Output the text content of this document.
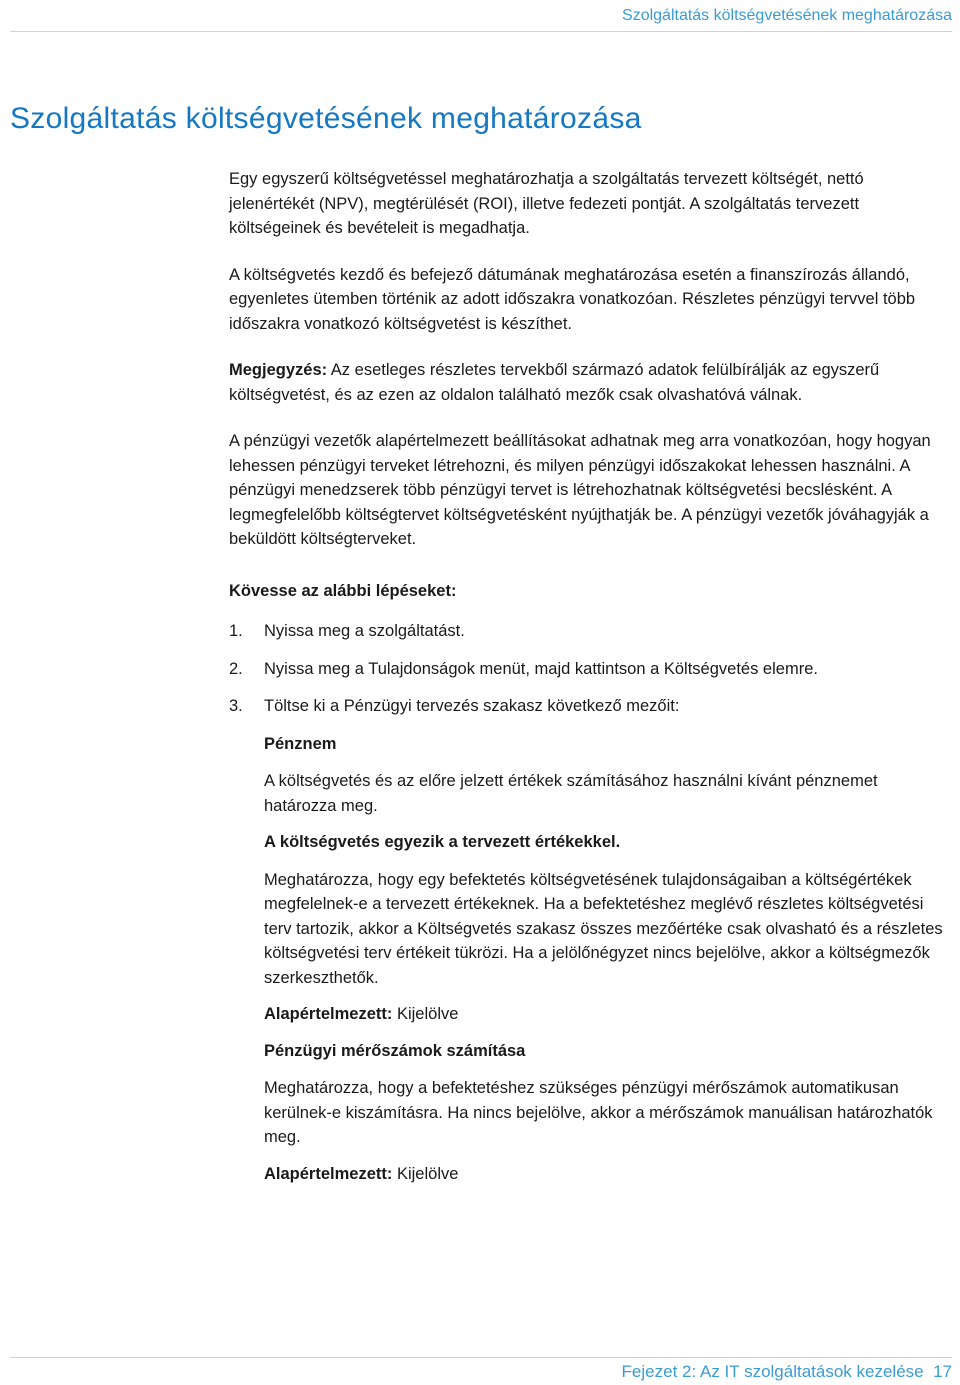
Szolgáltatás költségvetésének meghatározása
Szolgáltatás költségvetésének meghatározása

Egy egyszerű költségvetéssel meghatározhatja a szolgáltatás tervezett költségét, nettó jelenértékét (NPV), megtérülését (ROI), illetve fedezeti pontját. A szolgáltatás tervezett költségeinek és bevételeit is megadhatja.

A költségvetés kezdő és befejező dátumának meghatározása esetén a finanszírozás állandó, egyenletes ütemben történik az adott időszakra vonatkozóan. Részletes pénzügyi tervvel több időszakra vonatkozó költségvetést is készíthet.

Megjegyzés: Az esetleges részletes tervekből származó adatok felülbírálják az egyszerű költségvetést, és az ezen az oldalon található mezők csak olvashatóvá válnak.

A pénzügyi vezetők alapértelmezett beállításokat adhatnak meg arra vonatkozóan, hogy hogyan lehessen pénzügyi terveket létrehozni, és milyen pénzügyi időszakokat lehessen használni. A pénzügyi menedzserek több pénzügyi tervet is létrehozhatnak költségvetési becslésként. A legmegfelelőbb költségtervet költségvetésként nyújthatják be. A pénzügyi vezetők jóváhagyják a beküldött költségterveket.

Kövesse az alábbi lépéseket:

1. Nyissa meg a szolgáltatást.
2. Nyissa meg a Tulajdonságok menüt, majd kattintson a Költségvetés elemre.
3. Töltse ki a Pénzügyi tervezés szakasz következő mezőit:

Pénznem

A költségvetés és az előre jelzett értékek számításához használni kívánt pénznemet határozza meg.

A költségvetés egyezik a tervezett értékekkel.

Meghatározza, hogy egy befektetés költségvetésének tulajdonságaiban a költségértékek megfelelnek-e a tervezett értékeknek. Ha a befektetéshez meglévő részletes költségvetési terv tartozik, akkor a Költségvetés szakasz összes mezőértéke csak olvasható és a részletes költségvetési terv értékeit tükrözi. Ha a jelölőnégyzet nincs bejelölve, akkor a költségmezők szerkeszthetők.

Alapértelmezett: Kijelölve

Pénzügyi mérőszámok számítása

Meghatározza, hogy a befektetéshez szükséges pénzügyi mérőszámok automatikusan kerülnek-e kiszámításra. Ha nincs bejelölve, akkor a mérőszámok manuálisan határozhatók meg.

Alapértelmezett: Kijelölve

Fejezet 2: Az IT szolgáltatások kezelése 17
